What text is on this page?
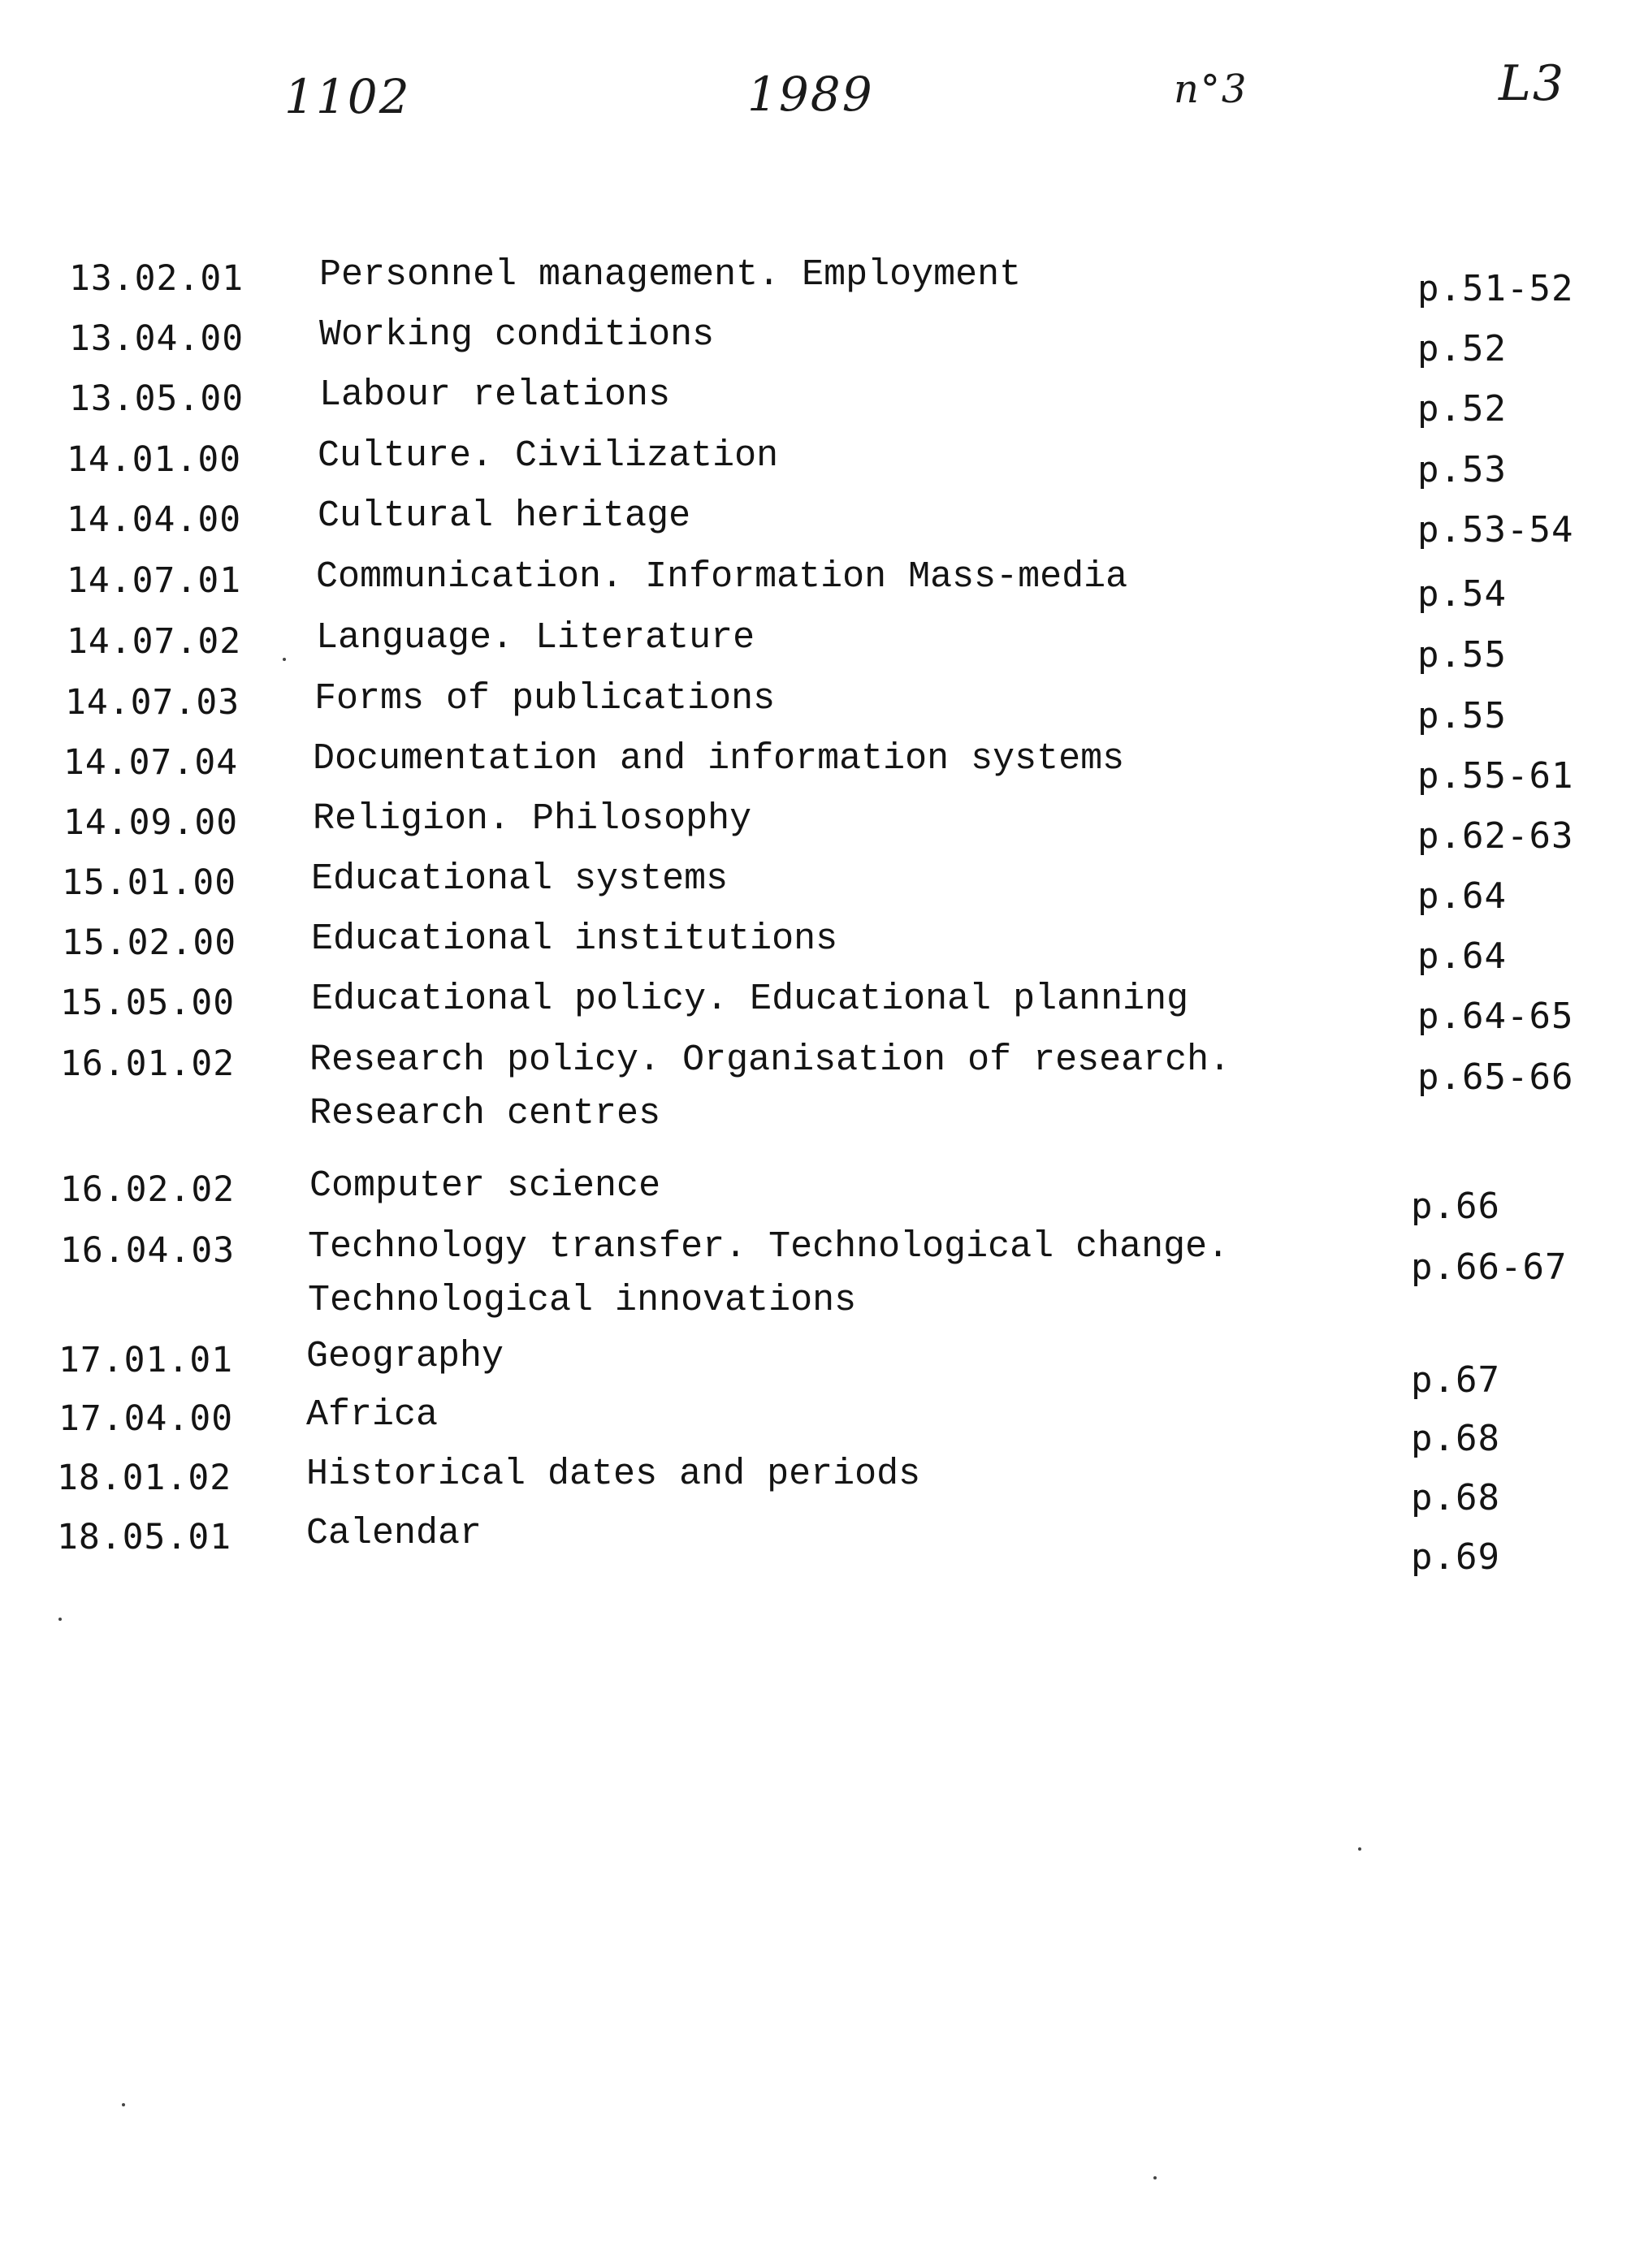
1102	1989	n°3	L3
13.02.01 Personnel management. Employment	p.51-52
13.04.00 Working conditions	p.52
13.05.00 Labour relations	p.52
14.01.00 Culture. Civilization	p.53
14.04.00 Cultural heritage	p.53-54
14.07.01 Communication. Information Mass-media	p.54
14.07.02 Language. Literature	p.55
14.07.03 Forms of publications	p.55
14.07.04 Documentation and information systems	p.55-61
14.09.00 Religion. Philosophy	p.62-63
15.01.00 Educational systems	p.64
15.02.00 Educational institutions	p.64
15.05.00 Educational policy. Educational planning	p.64-65
16.01.02 Research policy. Organisation of research.
Research centres
p.65-66
16.02.02 Computer science	p.66
16.04.03 Technology transfer. Technological change.
Technological innovations
p.66-67
17.01.01 Geography
p.67
17.04.00 Africa
p.68
18.01.02 Historical dates and periods
p.68
18.05.01 Calendar
p.69
